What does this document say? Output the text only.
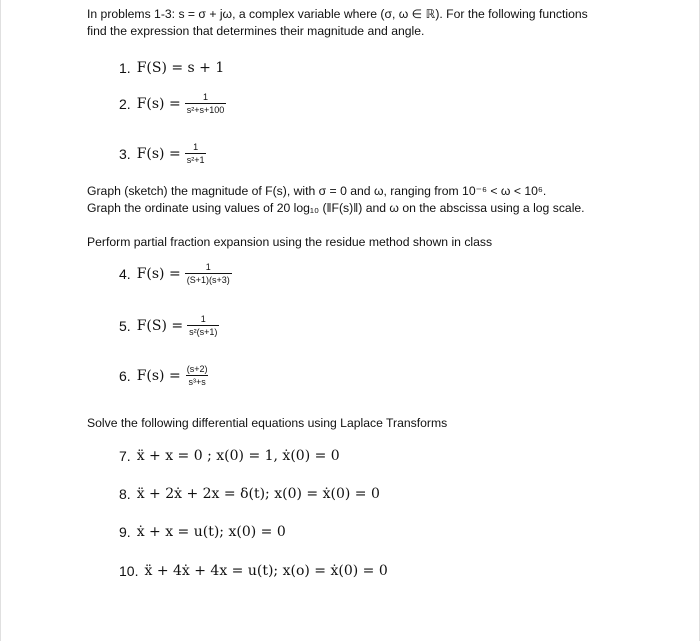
In problems 1-3: s = σ + jω, a complex variable where (σ, ω ∈ ℝ). For the following functions
find the expression that determines their magnitude and angle.
1. F(S) = s + 1
2. $F(s) = \frac{1}{\text{s²+s+100}}$
3. $F(s) = \frac{1}{\text{s²+1}}$
Graph (sketch) the magnitude of F(s), with σ = 0 and ω, ranging from 10⁻⁶ < ω < 10⁶.
Graph the ordinate using values of 20 log₁₀ (‖F(s)‖) and ω on the abscissa using a log scale.
Perform partial fraction expansion using the residue method shown in class
4. $F(s) = \frac{1}{(S+1)(s+3)}$
5. $F(S) = \frac{1}{\text{s²(s+1)}}$
6. $F(s) = \frac{(s+2)}{\text{s³+s}}$
Solve the following differential equations using Laplace Transforms
7. ẍ + x = 0 ; x(0) = 1, ẋ(0) = 0
8. ẍ + 2ẋ + 2x = δ(t); x(0) = ẋ(0) = 0
9. ẋ + x = u(t); x(0) = 0
10. ẍ + 4ẋ + 4x = u(t); x(o) = ẋ(0) = 0
